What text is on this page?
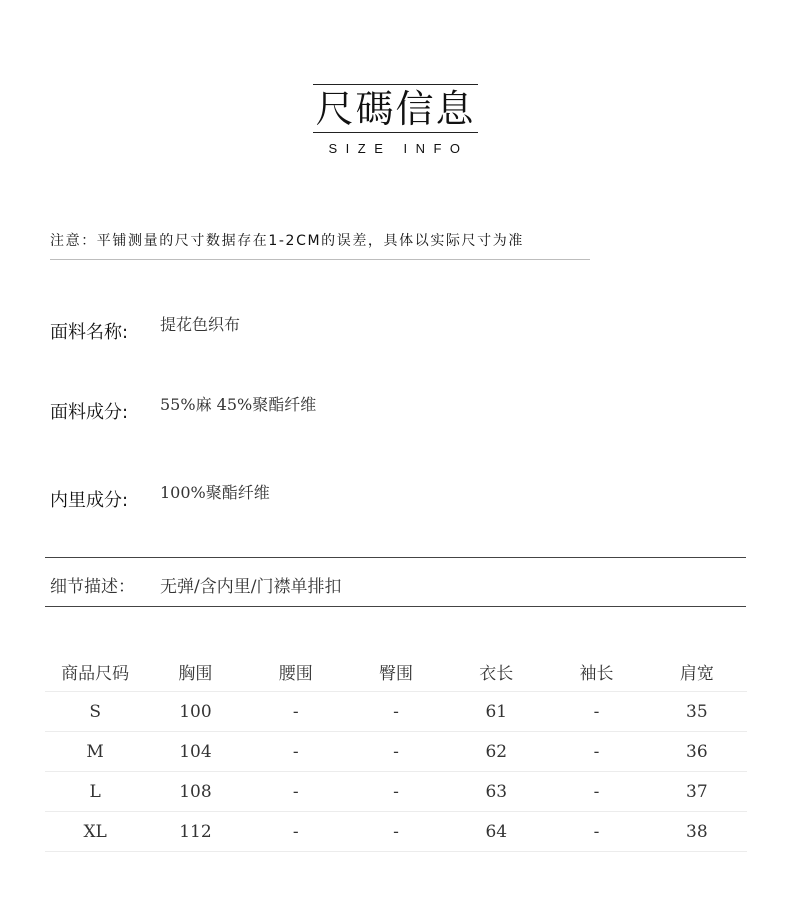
尺碼信息
SIZE INFO
注意：平铺测量的尺寸数据存在1-2CM的误差，具体以实际尺寸为准
面料名称: 提花色织布
面料成分: 55%麻 45%聚酯纤维
内里成分: 100%聚酯纤维
细节描述： 无弹/含内里/门襟单排扣
商品尺码	胸围	腰围	臀围	衣长	袖长	肩宽
S	100	-	-	61	-	35
M	104	-	-	62	-	36
L	108	-	-	63	-	37
XL	112	-	-	64	-	38
